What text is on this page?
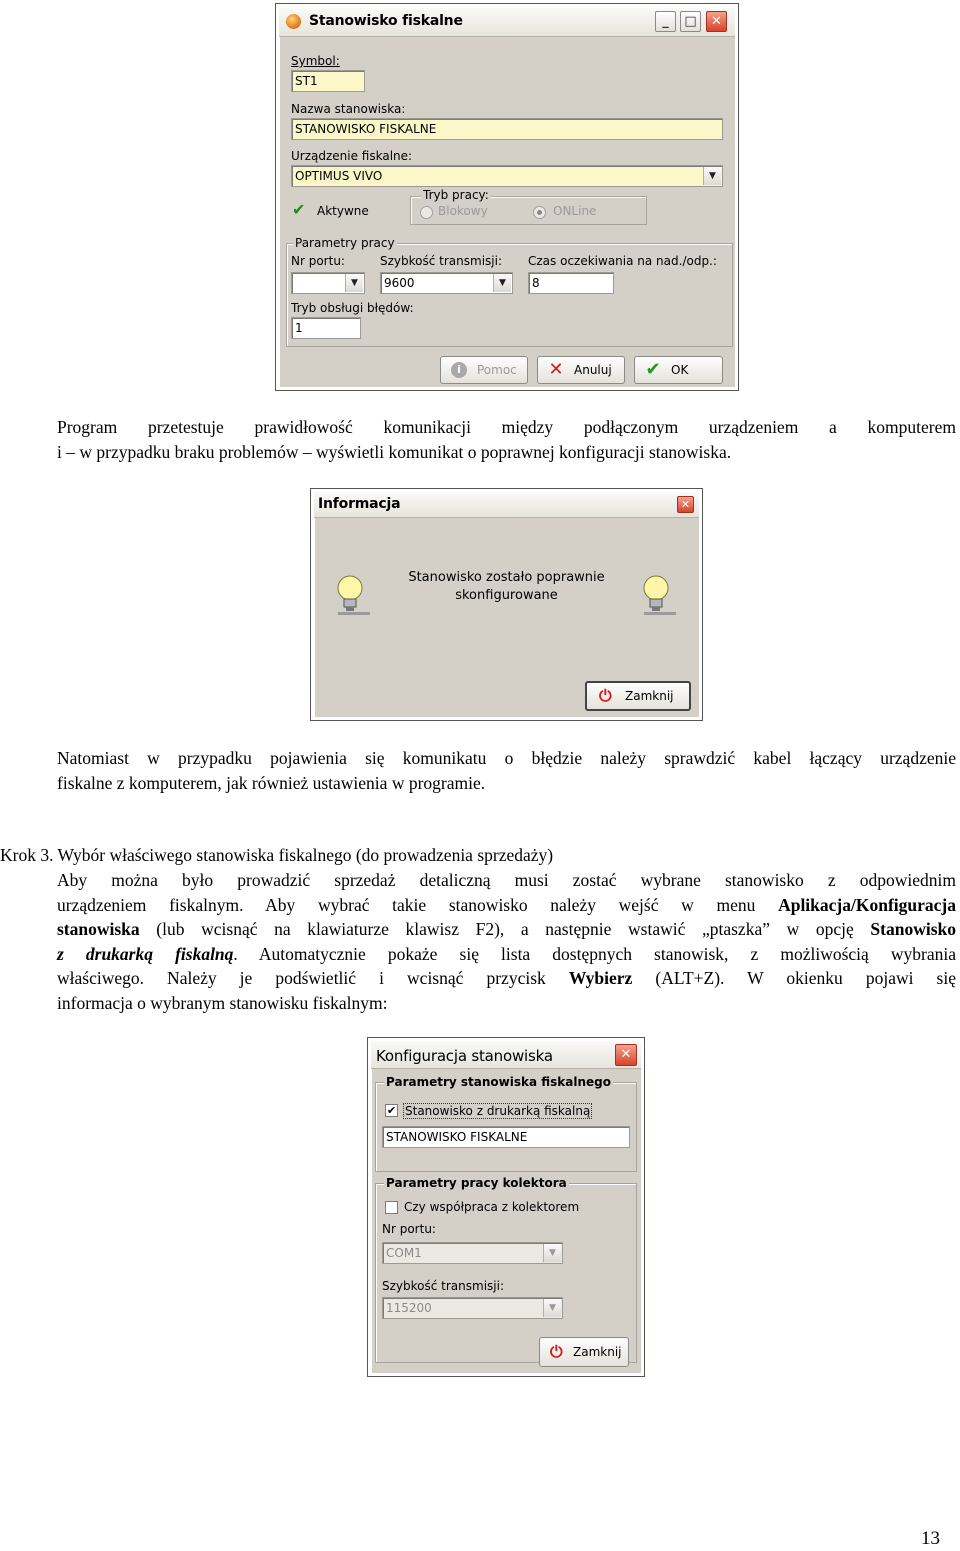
Stanowisko fiskalne	_	□	✕
Symbol:
ST1
Nazwa stanowiska:
STANOWISKO FISKALNE
Urządzenie fiskalne:
OPTIMUS VIVO	▼
✔ Aktywne
Tryb pracy:
Blokowy	ONLine
Parametry pracy
Nr portu:
▼
Szybkość transmisji:
9600	▼
Czas oczekiwania na nad./odp.:
8
Tryb obsługi błędów:
1
i	Pomoc ✕ Anuluj ✔ OK
Program przetestuje prawidłowość komunikacji między podłączonym urządzeniem a komputerem
i – w przypadku braku problemów – wyświetli komunikat o poprawnej konfiguracji stanowiska.
Informacja	✕
Stanowisko zostało poprawnie
skonfigurowane
⏻ Zamknij
Natomiast w przypadku pojawienia się komunikatu o błędzie należy sprawdzić kabel łączący urządzenie
fiskalne z komputerem, jak również ustawienia w programie.
Krok 3. Wybór właściwego stanowiska fiskalnego (do prowadzenia sprzedaży)
Aby można było prowadzić sprzedaż detaliczną musi zostać wybrane stanowisko z odpowiednim
urządzeniem fiskalnym. Aby wybrać takie stanowisko należy wejść w menu Aplikacja/Konfiguracja
stanowiska (lub wcisnąć na klawiaturze klawisz F2), a następnie wstawić „ptaszka” w opcję Stanowisko
z drukarką fiskalną. Automatycznie pokaże się lista dostępnych stanowisk, z możliwością wybrania
właściwego. Należy je podświetlić i wcisnąć przycisk Wybierz (ALT+Z). W okienku pojawi się
informacja o wybranym stanowisku fiskalnym:
Konfiguracja stanowiska	✕
Parametry stanowiska fiskalnego
✔ Stanowisko z drukarką fiskalną
STANOWISKO FISKALNE
Parametry pracy kolektora
Czy współpraca z kolektorem
Nr portu:
COM1	▼
Szybkość transmisji:
115200	▼
⏻ Zamknij
13
